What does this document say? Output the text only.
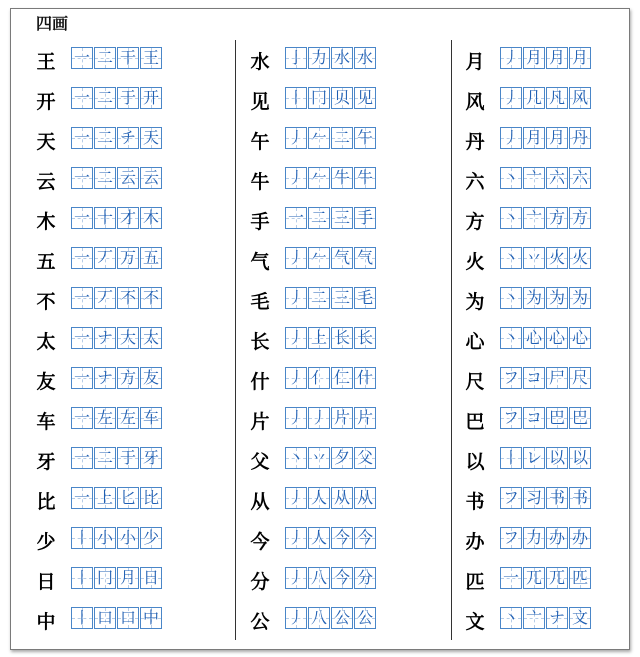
四画
王 一 二 干 王
开 一 二 于 开
天 一 二 チ 天
云 一 二 云 云
木 一 十 才 木
五 一 丆 万 五
不 一 丆 不 不
太 一 ナ 大 太
友 一 ナ 方 友
车 一 左 左 车
牙 一 二 于 牙
比 一 上 匕 比
少 丨 小 小 少
日 丨 冂 月 日
中 丨 口 口 中
水 亅 力 水 水
见 丨 冂 贝 见
午 丿 𠂉 二 午
牛 丿 𠂉 牛 牛
手 一 二 三 手
气 丿 𠂉 气 气
毛 丿 二 三 毛
长 丿 上 长 长
什 丿 亻 仁 什
片 丿 丿 片 片
父 丶 丷 夕 父
从 丿 人 从 从
今 丿 人 今 今
分 丿 八 今 分
公 丿 八 公 公
月 丿 月 月 月
风 丿 几 凡 风
丹 丿 月 月 丹
六 丶 亠 六 六
方 丶 亠 方 方
火 丶 丷 火 火
为 丶 为 为 为
心 丶 心 心 心
尺 フ コ 尸 尺
巴 フ コ 巴 巴
以 丨 レ 以 以
书 フ 习 书 书
办 フ 力 办 办
匹 一 兀 兀 匹
文 丶 亠 ナ 文
